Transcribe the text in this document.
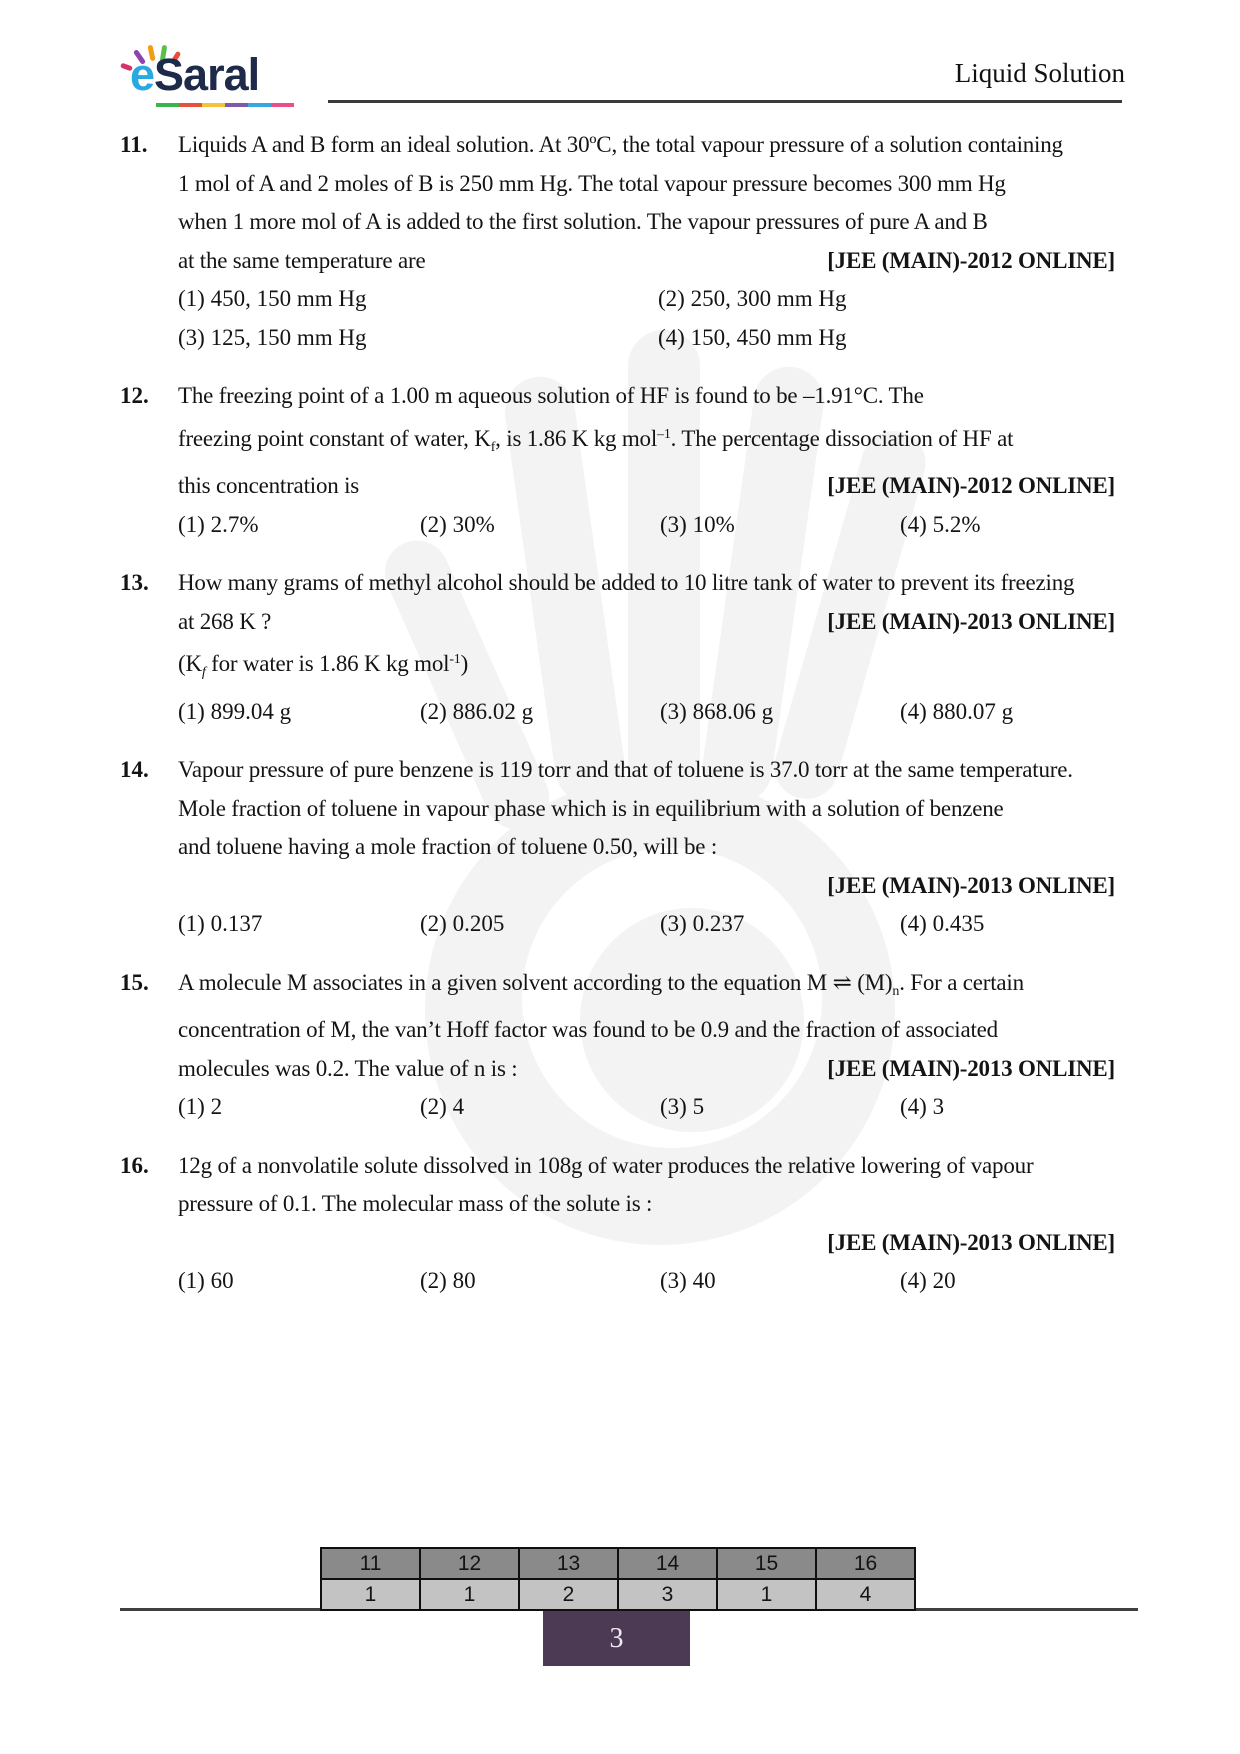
eSaral	Liquid Solution
11.	Liquids A and B form an ideal solution. At 30ºC, the total vapour pressure of a solution containing
1 mol of A and 2 moles of B is 250 mm Hg. The total vapour pressure becomes 300 mm Hg
when 1 more mol of A is added to the first solution. The vapour pressures of pure A and B
at the same temperature are	[JEE (MAIN)-2012 ONLINE]
(1) 450, 150 mm Hg	(2) 250, 300 mm Hg
(3) 125, 150 mm Hg	(4) 150, 450 mm Hg
12.	The freezing point of a 1.00 m aqueous solution of HF is found to be –1.91°C. The
freezing point constant of water, $K_f$, is 1.86 K kg mol$^{-1}$. The percentage dissociation of HF at
this concentration is	[JEE (MAIN)-2012 ONLINE]
(1) 2.7%	(2) 30%	(3) 10%	(4) 5.2%
13.	How many grams of methyl alcohol should be added to 10 litre tank of water to prevent its freezing
at 268 K ?	[JEE (MAIN)-2013 ONLINE]
($K_f$ for water is 1.86 K kg mol$^{-1}$)
(1) 899.04 g	(2) 886.02 g	(3) 868.06 g	(4) 880.07 g
14.	Vapour pressure of pure benzene is 119 torr and that of toluene is 37.0 torr at the same temperature.
Mole fraction of toluene in vapour phase which is in equilibrium with a solution of benzene
and toluene having a mole fraction of toluene 0.50, will be :
[JEE (MAIN)-2013 ONLINE]
(1) 0.137	(2) 0.205	(3) 0.237	(4) 0.435
15.	A molecule M associates in a given solvent according to the equation M ⇌ $(M)_n$. For a certain
concentration of M, the van’t Hoff factor was found to be 0.9 and the fraction of associated
molecules was 0.2. The value of n is :	[JEE (MAIN)-2013 ONLINE]
(1) 2	(2) 4	(3) 5	(4) 3
16.	12g of a nonvolatile solute dissolved in 108g of water produces the relative lowering of vapour
pressure of 0.1. The molecular mass of the solute is :
[JEE (MAIN)-2013 ONLINE]
(1) 60	(2) 80	(3) 40	(4) 20
11	12	13	14	15	16
1	1	2	3	1	4
3
